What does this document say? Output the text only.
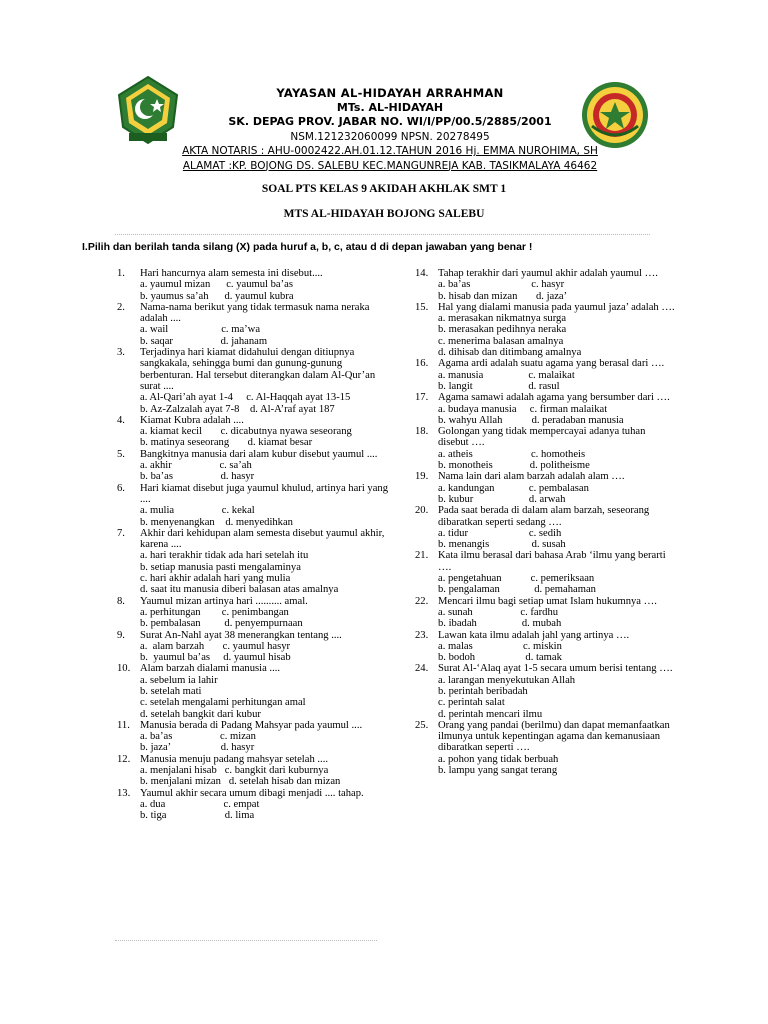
YAYASAN AL-HIDAYAH ARRAHMAN
MTs. AL-HIDAYAH
SK. DEPAG PROV. JABAR NO. WI/I/PP/00.5/2885/2001
NSM.121232060099 NPSN. 20278495
AKTA NOTARIS : AHU-0002422.AH.01.12.TAHUN 2016 Hj. EMMA NUROHIMA, SH
ALAMAT :KP. BOJONG DS. SALEBU KEC.MANGUNREJA KAB. TASIKMALAYA 46462
SOAL PTS KELAS 9 AKIDAH AKHLAK SMT 1
MTS AL-HIDAYAH BOJONG SALEBU
I.Pilih dan berilah tanda silang (X) pada huruf a, b, c, atau d di depan jawaban yang benar !
1. Hari hancurnya alam semesta ini disebut....
a. yaumul mizan      c. yaumul ba’as
b. yaumus sa’ah      d. yaumul kubra
2. Nama-nama berikut yang tidak termasuk nama neraka adalah ....
a. wail                    c. ma’wa
b. saqar                  d. jahanam
3. Terjadinya hari kiamat didahului dengan ditiupnya sangkakala, sehingga bumi dan gunung-gunung berbenturan. Hal tersebut diterangkan dalam Al-Qur’an surat ....
a. Al-Qari’ah ayat 1-4     c. Al-Haqqah ayat 13-15
b. Az-Zalzalah ayat 7-8    d. Al-A’raf ayat 187
4. Kiamat Kubra adalah ....
a. kiamat kecil       c. dicabutnya nyawa seseorang
b. matinya seseorang       d. kiamat besar
5. Bangkitnya manusia dari alam kubur disebut yaumul ....
a. akhir                  c. sa’ah
b. ba’as                  d. hasyr
6. Hari kiamat disebut juga yaumul khulud, artinya hari yang ....
a. mulia                  c. kekal
b. menyenangkan    d. menyedihkan
7. Akhir dari kehidupan alam semesta disebut yaumul akhir, karena ....
a. hari terakhir tidak ada hari setelah itu
b. setiap manusia pasti mengalaminya
c. hari akhir adalah hari yang mulia
d. saat itu manusia diberi balasan atas amalnya
8. Yaumul mizan artinya hari .......... amal.
a. perhitungan        c. penimbangan
b. pembalasan         d. penyempurnaan
9. Surat An-Nahl ayat 38 menerangkan tentang ....
a.  alam barzah       c. yaumul hasyr
b.  yaumul ba’as     d. yaumul hisab
10. Alam barzah dialami manusia ....
a. sebelum ia lahir
b. setelah mati
c. setelah mengalami perhitungan amal
d. setelah bangkit dari kubur
11. Manusia berada di Padang Mahsyar pada yaumul ....
a. ba’as                  c. mizan
b. jaza’                   d. hasyr
12. Manusia menuju padang mahsyar setelah ....
a. menjalani hisab   c. bangkit dari kuburnya
b. menjalani mizan   d. setelah hisab dan mizan
13. Yaumul akhir secara umum dibagi menjadi .... tahap.
a. dua                      c. empat
b. tiga                      d. lima
14. Tahap terakhir dari yaumul akhir adalah yaumul ….
a. ba’as                       c. hasyr
b. hisab dan mizan       d. jaza’
15. Hal yang dialami manusia pada yaumul jaza’ adalah ….
a. merasakan nikmatnya surga
b. merasakan pedihnya neraka
c. menerima balasan amalnya
d. dihisab dan ditimbang amalnya
16. Agama ardi adalah suatu agama yang berasal dari ….
a. manusia                 c. malaikat
b. langit                     d. rasul
17. Agama samawi adalah agama yang bersumber dari ….
a. budaya manusia     c. firman malaikat
b. wahyu Allah           d. peradaban manusia
18. Golongan yang tidak mempercayai adanya tuhan disebut ….
a. atheis                      c. homotheis
b. monotheis              d. politheisme
19. Nama lain dari alam barzah adalah alam ….
a. kandungan             c. pembalasan
b. kubur                     d. arwah
20. Pada saat berada di dalam alam barzah, seseorang dibaratkan seperti sedang ….
a. tidur                       c. sedih
b. menangis                d. susah
21. Kata ilmu berasal dari bahasa Arab ‘ilmu yang berarti ….
a. pengetahuan           c. pemeriksaan
b. pengalaman             d. pemahaman
22. Mencari ilmu bagi setiap umat Islam hukumnya ….
a. sunah                  c. fardhu
b. ibadah                 d. mubah
23. Lawan kata ilmu adalah jahl yang artinya ….
a. malas                   c. miskin
b. bodoh                   d. tamak
24. Surat Al-‘Alaq ayat 1-5 secara umum berisi tentang ….
a. larangan menyekutukan Allah
b. perintah beribadah
c. perintah salat
d. perintah mencari ilmu
25. Orang yang pandai (berilmu) dan dapat memanfaatkan ilmunya untuk kepentingan agama dan kemanusiaan dibaratkan seperti ….
a. pohon yang tidak berbuah
b. lampu yang sangat terang
